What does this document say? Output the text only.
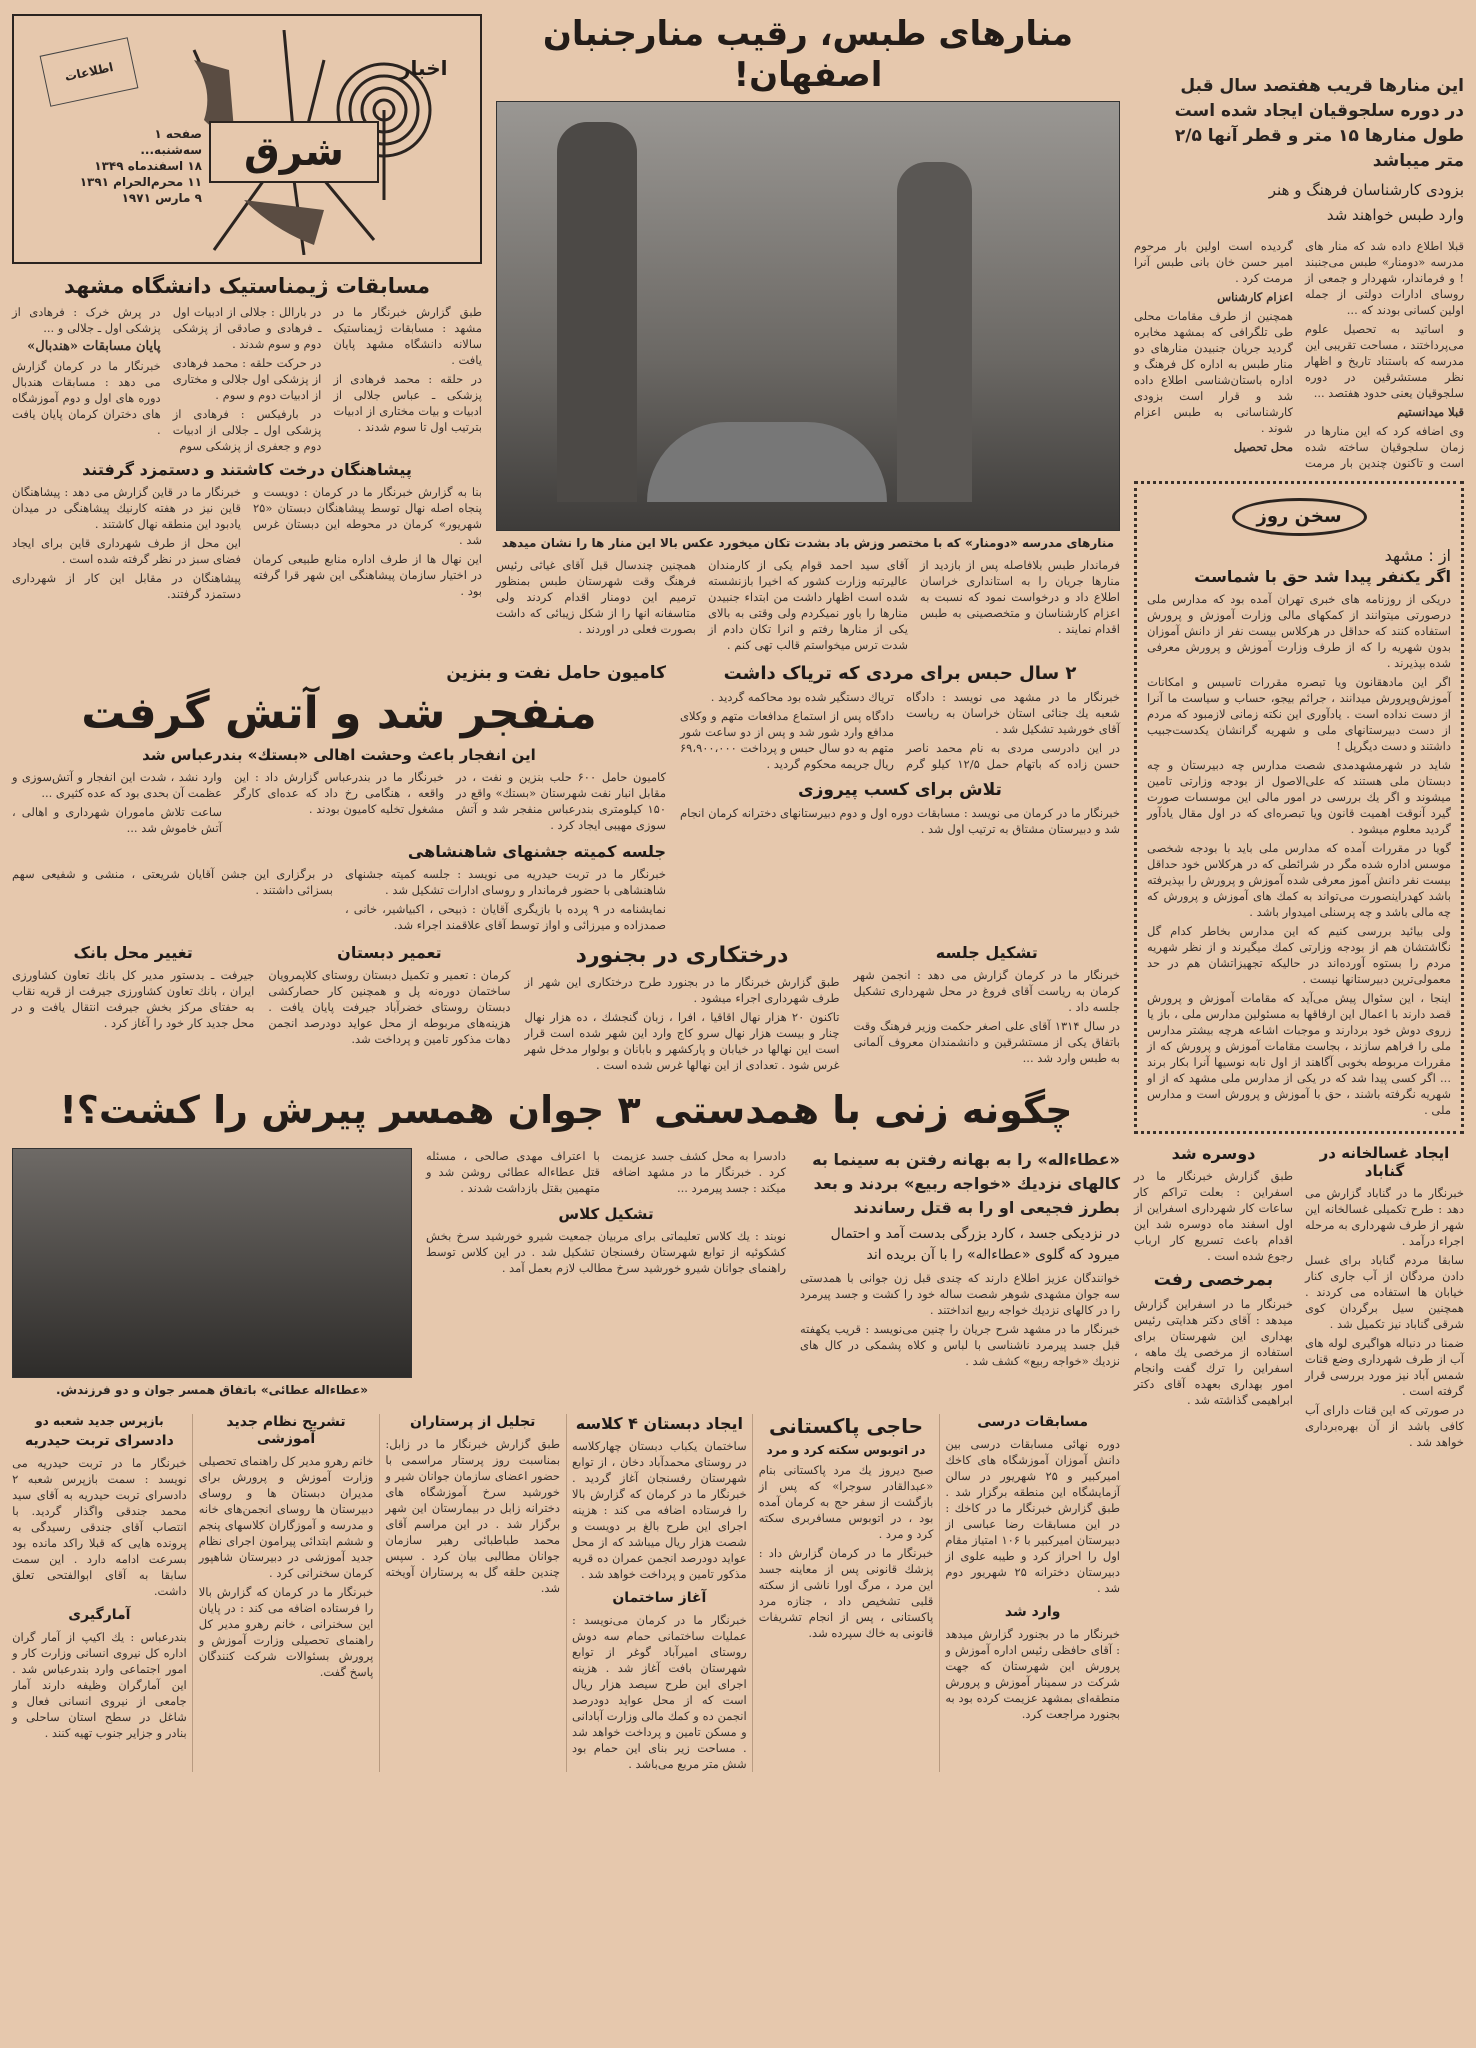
این منارها قریب هفتصد سال قبل
در دوره سلجوقیان ایجاد شده است
طول منارها ۱۵ متر و قطر آنها ۲/۵
متر میباشد
بزودی کارشناسان فرهنگ و هنر
وارد طبس خواهند شد

قبلا اطلاع داده شد که منار های مدرسه «دومنار» طبس می‌جنبند ! و فرماندار، شهردار و جمعی از روسای ادارات دولتی از جمله اولین کسانی بودند که ...

و اساتید به تحصیل علوم می‌پرداختند ، مساحت تقریبی این مدرسه که باستناد تاریخ و اظهار نظر مستشرقین در دوره سلجوقیان یعنی حدود هفتصد ...

قبلا میدانستیم

وی اضافه کرد که این منارها در زمان سلجوقیان ساخته شده است و تاکنون چندین بار مرمت گردیده است اولین بار مرحوم امیر حسن خان بانی طبس آنرا مرمت کرد .

اعزام کارشناس

همچنین از طرف مقامات محلی طی تلگرافی که بمشهد مخابره گردید جریان جنبیدن منارهای دو منار طبس به اداره کل فرهنگ و اداره باستان‌شناسی اطلاع داده شد و قرار است بزودی کارشناسانی به طبس اعزام شوند .

محل تحصیل

سخن روز
از : مشهد
اگر یکنفر پیدا شد حق با شماست

دریکی از روزنامه های خبری تهران آمده بود که مدارس ملی درصورتی میتوانند از کمکهای مالی وزارت آموزش و پرورش استفاده کنند که حداقل در هرکلاس بیست نفر از دانش آموزان بدون شهریه را که از طرف وزارت آموزش و پرورش معرفی شده بپذیرند .

اگر این مادهقانون ویا تبصره مقررات تاسیس و امکانات آموزش‌وپرورش میدانند ، جرائم بیجو، حساب و سیاست ما آنرا از دست نداده است . یادآوری این نکته زمانی لازمبود که مردم از دست دبیرستانهای ملی و شهریه گرانشان یکدست‌جبیب داشتند و دست دیگرپل !

شاید در شهرمشهدمدی شصت مدارس چه دبیرستان و چه دبستان ملی هستند که علی‌الاصول از بودجه وزارتی تامین میشوند و اگر یك بررسی در امور مالی این موسسات صورت گیرد آنوقت اهمیت قانون ویا تبصره‌ای که در اول مقال یادآور گردید معلوم میشود .

گویا در مقررات آمده که مدارس ملی باید با بودجه شخصی موسس اداره شده مگر در شرائطی که در هرکلاس خود حداقل بیست نفر دانش آموز معرفی شده آموزش و پرورش را بپذیرفته باشد کهدراینصورت می‌تواند به کمك های آموزش و پرورش که چه مالی باشد و چه پرسنلی امیدوار باشد .

ولی بیائید بررسی کنیم که این مدارس بخاطر کدام گل نگاشتشان هم از بودجه وزارتی کمك میگیرند و از نظر شهریه مردم را بستوه آورده‌اند در حالیکه تجهیزاتشان هم در حد معمولی‌ترین دبیرستانها نیست .

اینجا ، این سئوال پیش می‌آید که مقامات آموزش و پرورش قصد دارند با اعمال این ارفاقها به مسئولین مدارس ملی ، باز یا زروی دوش خود بردارند و موجبات اشاعه هرچه بیشتر مدارس ملی را فراهم سازند ، بجاست مقامات آموزش و پرورش که از مقررات مربوطه بخوبی آگاهند از اول نابه نوسیها آنرا بکار برند ... اگر کسی پیدا شد که در یکی از مدارس ملی مشهد که از او شهریه نگرفته باشند ، حق با آموزش و پرورش است و مدارس ملی .

ایجاد غسالخانه در گناباد

خبرنگار ما در گناباد گزارش می دهد : طرح تکمیلی غسالخانه این شهر از طرف شهرداری به مرحله اجراء درآمد .

سابقا مردم گناباد برای غسل دادن مردگان از آب جاری کنار خیابان ها استفاده می کردند . همچنین سیل برگردان کوی شرقی گناباد نیز تکمیل شد .

ضمنا در دنباله هواگیری لوله های آب از طرف شهرداری وضع قنات شمس آباد نیز مورد بررسی قرار گرفته است .

در صورتی که این قنات دارای آب کافی باشد از آن بهره‌برداری خواهد شد .

دوسره شد

طبق گزارش خبرنگار ما در اسفراین : بعلت تراکم کار ساعات کار شهرداری اسفراین از اول اسفند ماه دوسره شد این اقدام باعث تسریع کار ارباب رجوع شده است .

بمرخصی رفت

خبرنگار ما در اسفراین گزارش میدهد : آقای دکتر هدایتی رئیس بهداری این شهرستان برای استفاده از مرخصی یك ماهه ، اسفراین را ترك گفت وانجام امور بهداری بعهده آقای دکتر ابراهیمی گذاشته شد .

منارهای طبس، رقیب منارجنبان اصفهان!
منارهای مدرسه «دومنار» که با مختصر وزش باد بشدت تکان میخورد عکس بالا این منار ها را نشان میدهد

فرماندار طبس بلافاصله پس از بازدید از منارها جریان را به استانداری خراسان اطلاع داد و درخواست نمود که نسبت به اعزام کارشناسان و متخصصینی به طبس اقدام نمایند .

آقای سید احمد قوام یکی از کارمندان عالیرتبه وزارت کشور که اخیرا بازنشسته شده است اظهار داشت من ابتداء جنبیدن منارها را باور نمیکردم ولی وقتی به بالای یکی از منارها رفتم و انرا تکان دادم از شدت ترس میخواستم قالب تهی کنم .

همچنین چندسال قبل آقای غیاثی رئیس فرهنگ وقت شهرستان طبس بمنظور ترمیم این دومنار اقدام کردند ولی متاسفانه انها را از شکل زیبائی که داشت بصورت فعلی در اوردند .

شرق
اخبار
اطلاعات
صفحه ۱
سه‌شنبه...
۱۸ اسفندماه ۱۳۴۹
۱۱ محرم‌الحرام ۱۳۹۱
۹ مارس ۱۹۷۱
مسابقات ژیمناستیک دانشگاه مشهد

طبق گزارش خبرنگار ما در مشهد : مسابقات ژیمناستیک سالانه دانشگاه مشهد پایان یافت .

در حلقه : محمد فرهادی از پزشکی ـ عباس جلالی از ادبیات و بیات مختاری از ادبیات بترتیب اول تا سوم شدند .

در بارالل : جلالی از ادبیات اول ـ فرهادی و صادقی از پزشکی دوم و سوم شدند .

در حرکت حلقه : محمد فرهادی از پزشکی اول جلالی و مختاری از ادبیات دوم و سوم .

در بارفیکس : فرهادی از پزشکی اول ـ جلالی از ادبیات دوم و جعفری از پزشکی سوم

در پرش خرک : فرهادی از پزشکی اول ـ جلالی و ...

پایان مسابقات «هندبال»

خبرنگار ما در کرمان گزارش می دهد : مسابقات هندبال دوره های اول و دوم آموزشگاه های دختران کرمان پایان یافت .

پیشاهنگان درخت کاشتند و دستمزد گرفتند

بنا به گزارش خبرنگار ما در کرمان : دویست و پنجاه اصله نهال توسط پیشاهنگان دبستان «۲۵ شهریور» کرمان در محوطه این دبستان غرس شد .

این نهال ها از طرف اداره منابع طبیعی کرمان در اختیار سازمان پیشاهنگی این شهر قرا گرفته بود .

خبرنگار ما در قاین گزارش می دهد : پیشاهنگان قاین نیز در هفته کارنیك پیشاهنگی در میدان یادبود این منطقه نهال کاشتند .

این محل از طرف شهرداری قاین برای ایجاد فضای سبز در نظر گرفته شده است .

پیشاهنگان در مقابل این کار از شهرداری دستمزد گرفتند.

۲ سال حبس برای مردی که تریاک داشت

خبرنگار ما در مشهد می نویسد : دادگاه شعبه یك جنائی استان خراسان به ریاست آقای خورشید تشکیل شد .

در این دادرسی مردی به نام محمد ناصر حسن زاده که باتهام حمل ۱۲/۵ کیلو گرم تریاك دستگیر شده بود محاکمه گردید .

دادگاه پس از استماع مدافعات متهم و وکلای مدافع وارد شور شد و پس از دو ساعت شور متهم به دو سال حبس و پرداخت ۶۹،۹۰۰،۰۰۰ ریال جریمه محکوم گردید .

تلاش برای کسب پیروزی

خبرنگار ما در کرمان می نویسد : مسابقات دوره اول و دوم دبیرستانهای دخترانه کرمان انجام شد و دبیرستان مشتاق به ترتیب اول شد .

کامیون حامل نفت و بنزین
منفجر شد و آتش گرفت
این انفجار باعث وحشت اهالی «بستك» بندرعباس شد

کامیون حامل ۶۰۰ حلب بنزین و نفت ، در مقابل انبار نفت شهرستان «بستك» واقع در ۱۵۰ کیلومتری بندرعباس منفجر شد و آتش سوزی مهیبی ایجاد کرد .

خبرنگار ما در بندرعباس گزارش داد : این واقعه ، هنگامی رخ داد که عده‌ای کارگر مشغول تخلیه کامیون بودند .

وارد نشد ، شدت این انفجار و آتش‌سوزی و عظمت آن بحدی بود که عده کثیری ...

ساعت تلاش ماموران شهرداری و اهالی ، آتش خاموش شد ...

جلسه کمیته جشنهای شاهنشاهی

خبرنگار ما در تربت حیدریه می نویسد : جلسه کمیته جشنهای شاهنشاهی با حضور فرماندار و روسای ادارات تشکیل شد .

نمایشنامه در ۹ پرده با بازیگری آقایان : ذبیحی ، اکبیاشیر، خانی ، صمدزاده و میرزائی و اواز توسط آقای علاقمند اجراء شد.

در برگزاری این جشن آقایان شریعتی ، منشی و شفیعی سهم بسزائی داشتند .

تشکیل جلسه

خبرنگار ما در کرمان گزارش می دهد : انجمن شهر کرمان به ریاست آقای فروغ در محل شهرداری تشکیل جلسه داد .

در سال ۱۳۱۴ آقای علی اصغر حکمت وزیر فرهنگ وقت باتفاق یکی از مستشرقین و دانشمندان معروف آلمانی به طبس وارد شد ...

درختکاری در بجنورد

طبق گزارش خبرنگار ما در بجنورد طرح درختکاری این شهر از طرف شهرداری اجراء میشود .

تاکنون ۲۰ هزار نهال اقاقیا ، افرا ، زبان گنجشك ، ده هزار نهال چنار و بیست هزار نهال سرو کاج وارد این شهر شده است قرار است این نهالها در خیابان و پارکشهر و بابانان و بولوار مدخل شهر غرس شود . تعدادی از این نهالها غرس شده است .

تعمیر دبستان

کرمان : تعمیر و تکمیل دبستان روستای کلاپمرویان ساختمان دوره‌نه پل و همچنین کار حصارکشی دبستان روستای خضرآباد جیرفت پایان یافت . هزینه‌های مربوطه از محل عواید دودرصد انجمن دهات مذکور تامین و پرداخت شد.

تغییر محل بانک

جیرفت ـ بدستور مدیر کل بانك تعاون کشاورزی ایران ، بانك تعاون کشاورزی جیرفت از قریه نقاب به حفتای مرکز بخش جیرفت انتقال یافت و در محل جدید کار خود را آغاز کرد .

چگونه زنی با همدستی ۳ جوان همسر پیرش را کشت؟!
«عطاءاله» را به بهانه رفتن به سینما به کالهای نزدیك «خواجه ربیع» بردند و بعد بطرز فجیعی او را به قتل رساندند
در نزدیکی جسد ، کارد بزرگی بدست آمد و احتمال میرود که گلوی «عطاءاله» را با آن بریده اند

خوانندگان عزیز اطلاع دارند که چندی قبل زن جوانی با همدستی سه جوان مشهدی شوهر شصت ساله خود را کشت و جسد پیرمرد را در کالهای نزدیك خواجه ربیع انداختند .

خبرنگار ما در مشهد شرح جریان را چنین می‌نویسد : قریب یکهفته قبل جسد پیرمرد ناشناسی با لباس و کلاه پشمکی در کال های نزدیك «خواجه ربیع» کشف شد .

دادسرا به محل کشف جسد عزیمت کرد . خبرنگار ما در مشهد اضافه میکند : جسد پیرمرد ...

با اعتراف مهدی صالحی ، مسئله قتل عطاءاله عطائی روشن شد و متهمین بقتل بازداشت شدند .

تشکیل کلاس

نوبند : یك کلاس تعلیماتی برای مربیان جمعیت شیرو خورشید سرخ بخش کشکوئیه از توابع شهرستان رفسنجان تشکیل شد . در این کلاس توسط راهنمای جوانان شیرو خورشید سرخ مطالب لازم بعمل آمد .

«عطاءاله عطائی» باتفاق همسر جوان و دو فرزندش.
مسابقات درسی

دوره نهائی مسابقات درسی بین دانش آموزان آموزشگاه های کاخك امیرکبیر و ۲۵ شهریور در سالن آزمایشگاه این منطقه برگزار شد . طبق گزارش خبرنگار ما در کاخك : در این مسابقات رضا عباسی از دبیرستان امیرکبیر با ۱۰۶ امتیاز مقام اول را احراز کرد و طیبه علوی از دبیرستان دخترانه ۲۵ شهریور دوم شد .

وارد شد

خبرنگار ما در بجنورد گزارش میدهد : آقای حافظی رئیس اداره آموزش و پرورش این شهرستان که جهت شرکت در سمینار آموزش و پرورش منطقه‌ای بمشهد عزیمت کرده بود به بجنورد مراجعت کرد.

حاجی پاکستانی
در اتوبوس سکته کرد و مرد

صبح دیروز یك مرد پاکستانی بنام «عبدالقادر سوجرا» که پس از بازگشت از سفر حج به کرمان آمده بود ، در اتوبوس مسافربری سکته کرد و مرد .

خبرنگار ما در کرمان گزارش داد : پزشك قانونی پس از معاینه جسد این مرد ، مرگ اورا ناشی از سکته قلبی تشخیص داد ، جنازه مرد پاکستانی ، پس از انجام تشریفات قانونی به خاك سپرده شد.

ایجاد دبستان ۴ کلاسه

ساختمان یکباب دبستان چهارکلاسه در روستای محمدآباد دخان ، از توابع شهرستان رفسنجان آغاز گردید . خبرنگار ما در کرمان که گزارش بالا را فرستاده اضافه می کند : هزینه اجرای این طرح بالغ بر دویست و شصت هزار ریال میباشد که از محل عواید دودرصد انجمن عمران ده قریه مذکور تامین و پرداخت خواهد شد .

آغاز ساختمان

خبرنگار ما در کرمان می‌نویسد : عملیات ساختمانی حمام سه دوش روستای امیرآباد گوغر از توابع شهرستان بافت آغاز شد . هزینه اجرای این طرح سیصد هزار ریال است که از محل عواید دودرصد انجمن ده و کمك مالی وزارت آبادانی و مسکن تامین و پرداخت خواهد شد . مساحت زیر بنای این حمام بود شش متر مربع می‌باشد .

تجلیل از پرستاران

طبق گزارش خبرنگار ما در زابل: بمناسبت روز پرستار مراسمی با حضور اعضای سازمان جوانان شیر و خورشید سرخ آموزشگاه های دخترانه زابل در بیمارستان این شهر برگزار شد . در این مراسم آقای محمد طباطبائی رهبر سازمان جوانان مطالبی بیان کرد . سپس چندین حلقه گل به پرستاران آویخته شد.

تشریح نظام جدید آموزشی

خانم رهرو مدیر کل راهنمای تحصیلی وزارت آموزش و پرورش برای مدیران دبستان ها و روسای دبیرستان ها روسای انجمن‌های خانه و مدرسه و آموزگاران کلاسهای پنجم و ششم ابتدائی پیرامون اجرای نظام جدید آموزشی در دبیرستان شاهپور کرمان سخنرانی کرد .

خبرنگار ما در کرمان که گزارش بالا را فرستاده اضافه می کند : در پایان این سخنرانی ، خانم رهرو مدیر کل راهنمای تحصیلی وزارت آموزش و پرورش بسئوالات شرکت کنندگان پاسخ گفت.

بازپرس جدید شعبه دو
دادسرای تربت حیدریه

خبرنگار ما در تربت حیدریه می نویسد : سمت بازپرس شعبه ۲ دادسرای تربت حیدریه به آقای سید محمد جندقی واگذار گردید. با انتصاب آقای جندقی رسیدگی به پرونده هایی که قبلا راکد مانده بود بسرعت ادامه دارد . این سمت سابقا به آقای ابوالفتحی تعلق داشت.

آمارگیری

بندرعباس : یك اکیپ از آمار گران اداره کل نیروی انسانی وزارت کار و امور اجتماعی وارد بندرعباس شد . این آمارگران وظیفه دارند آمار جامعی از نیروی انسانی فعال و شاغل در سطح استان ساحلی و بنادر و جزایر جنوب تهیه کنند .
